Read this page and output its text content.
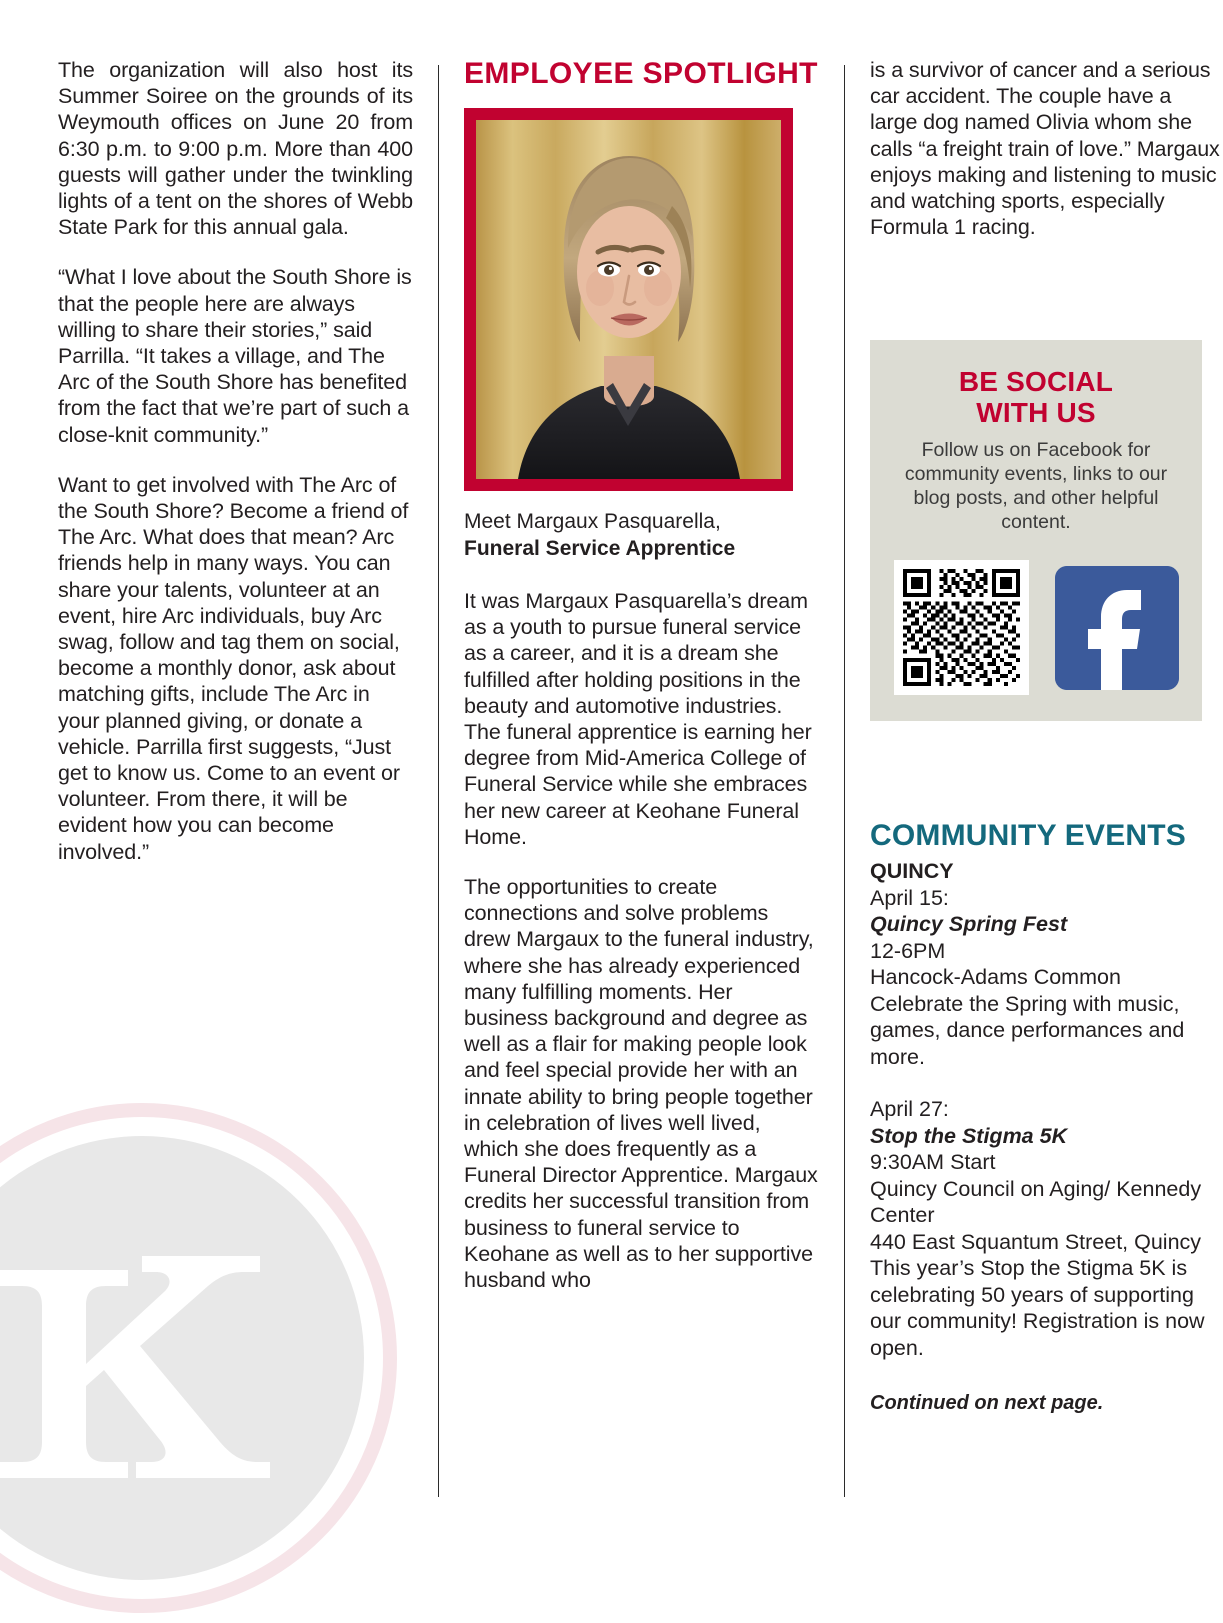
The organization will also host its Summer Soiree on the grounds of its Weymouth offices on June 20 from 6:30 p.m. to 9:00 p.m. More than 400 guests will gather under the twinkling lights of a tent on the shores of Webb State Park for this annual gala.

“What I love about the South Shore is that the people here are always willing to share their stories,” said Parrilla. “It takes a village, and The Arc of the South Shore has benefited from the fact that we’re part of such a close-knit community.”

Want to get involved with The Arc of the South Shore? Become a friend of The Arc. What does that mean? Arc friends help in many ways. You can share your talents, volunteer at an event, hire Arc individuals, buy Arc swag, follow and tag them on social, become a monthly donor, ask about matching gifts, include The Arc in your planned giving, or donate a vehicle. Parrilla first suggests, “Just get to know us. Come to an event or volunteer. From there, it will be evident how you can become involved.”

EMPLOYEE SPOTLIGHT

Meet Margaux Pasquarella,
Funeral Service Apprentice

It was Margaux Pasquarella’s dream as a youth to pursue funeral service as a career, and it is a dream she fulfilled after holding positions in the beauty and automotive industries. The funeral apprentice is earning her degree from Mid-America College of Funeral Service while she embraces her new career at Keohane Funeral Home.

The opportunities to create connections and solve problems drew Margaux to the funeral industry, where she has already experienced many fulfilling moments. Her business background and degree as well as a flair for making people look and feel special provide her with an innate ability to bring people together in celebration of lives well lived, which she does frequently as a Funeral Director Apprentice. Margaux credits her successful transition from business to funeral service to Keohane as well as to her supportive husband who

is a survivor of cancer and a serious car accident. The couple have a large dog named Olivia whom she calls “a freight train of love.” Margaux enjoys making and listening to music and watching sports, especially Formula 1 racing.

BE SOCIAL
WITH US

Follow us on Facebook for community events, links to our blog posts, and other helpful content.

COMMUNITY EVENTS

QUINCY

April 15:

Quincy Spring Fest

12-6PM

Hancock-Adams Common

Celebrate the Spring with music, games, dance performances and more.

April 27:

Stop the Stigma 5K

9:30AM Start

Quincy Council on Aging/ Kennedy Center

440 East Squantum Street, Quincy

This year’s Stop the Stigma 5K is celebrating 50 years of supporting our community! Registration is now open.

Continued on next page.
